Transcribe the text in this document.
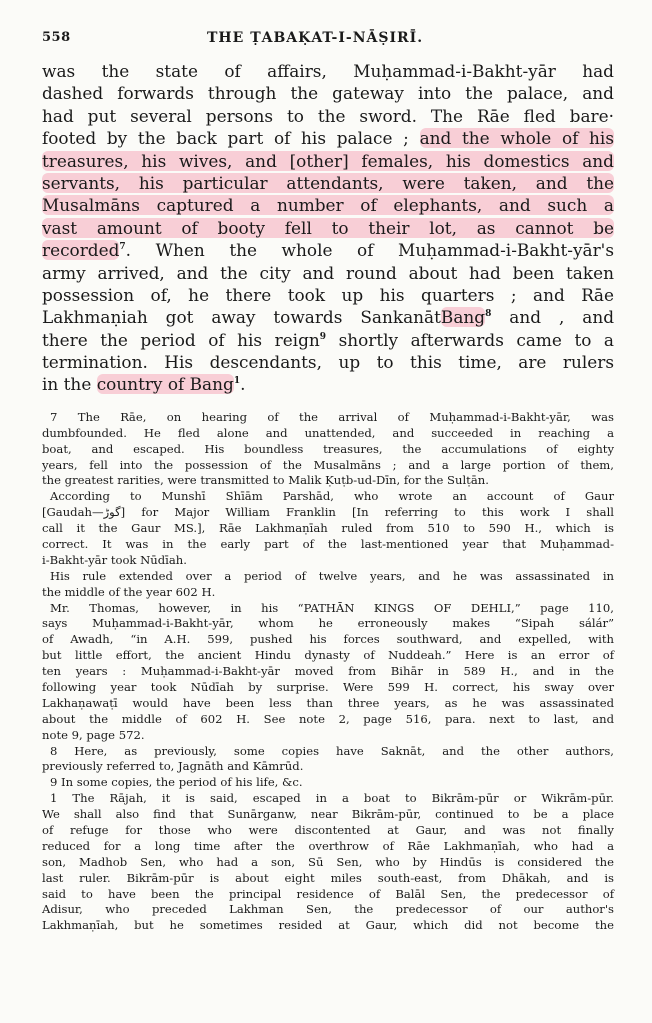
558	THE ṬABAḲAT-I-NĀṢIRĪ.
was the state of affairs, Muḥammad-i-Bakht-yār had
dashed forwards through the gateway into the palace, and
had put several persons to the sword. The Rāe fled bare·
footed by the back part of his palace ; and the whole of his
treasures, his wives, and [other] females, his domestics and
servants, his particular attendants, were taken, and the
Musalmāns captured a number of elephants, and such a
vast amount of booty fell to their lot, as cannot be
recorded$^7$. When the whole of Muḥammad-i-Bakht-yār's
army arrived, and the city and round about had been taken
possession of, he there took up his quarters ; and Rāe
Lakhmaṇiah got away towards SankanātBang$^8$ and , and
there the period of his reign$^9$ shortly afterwards came to a
termination. His descendants, up to this time, are rulers
in the country of Bang$^1$.
7 The Rāe, on hearing of the arrival of Muḥammad-i-Bakht-yār, was
dumbfounded. He fled alone and unattended, and succeeded in reaching a
boat, and escaped. His boundless treasures, the accumulations of eighty
years, fell into the possession of the Musalmāns ; and a large portion of them,
the greatest rarities, were transmitted to Malik Ḳuṭb-ud-Dīn, for the Sulṭān.
According to Munshī Shīām Parshād, who wrote an account of Gaur
[Gaudah—گوڑ] for Major William Franklin [In referring to this work I shall
call it the Gaur MS.], Rāe Lakhmaṇīah ruled from 510 to 590 H., which is
correct. It was in the early part of the last-mentioned year that Muḥammad-
i-Bakht-yār took Nūdīah.
His rule extended over a period of twelve years, and he was assassinated in
the middle of the year 602 H.
Mr. Thomas, however, in his “PATHĀN KINGS OF DEHLI,” page 110,
says Muḥammad-i-Bakht-yār, whom he erroneously makes “Sipah sálár”
of Awadh, “in A.H. 599, pushed his forces southward, and expelled, with
but little effort, the ancient Hindu dynasty of Nuddeah.” Here is an error of
ten years : Muḥammad-i-Bakht-yār moved from Bihār in 589 H., and in the
following year took Nūdīah by surprise. Were 599 H. correct, his sway over
Lakhaṇawaṭī would have been less than three years, as he was assassinated
about the middle of 602 H. See note 2, page 516, para. next to last, and
note 9, page 572.
8 Here, as previously, some copies have Saknāt, and the other authors,
previously referred to, Jagnāth and Kāmrūd.
9 In some copies, the period of his life, &c.
1 The Rājah, it is said, escaped in a boat to Bikrām-pūr or Wikrām-pūr.
We shall also find that Sunārganw, near Bikrām-pūr, continued to be a place
of refuge for those who were discontented at Gaur, and was not finally
reduced for a long time after the overthrow of Rāe Lakhmaṇīah, who had a
son, Madhob Sen, who had a son, Sū Sen, who by Hindūs is considered the
last ruler. Bikrām-pūr is about eight miles south-east, from Dhākah, and is
said to have been the principal residence of Balāl Sen, the predecessor of
Adisur, who preceded Lakhman Sen, the predecessor of our author's
Lakhmaṇīah, but he sometimes resided at Gaur, which did not become the
